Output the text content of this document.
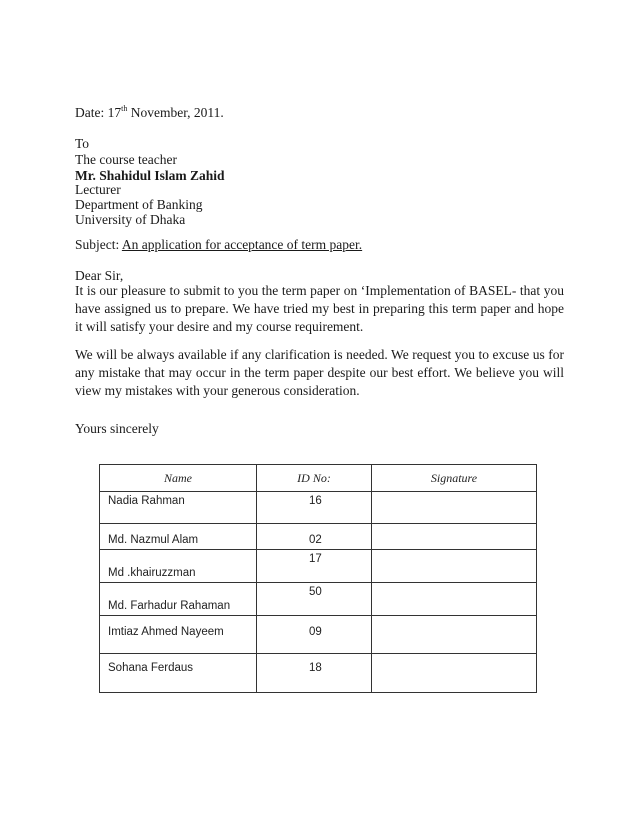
Date: 17th November, 2011.
To
The course teacher
Mr. Shahidul Islam Zahid
Lecturer
Department of Banking
University of Dhaka
Subject: An application for acceptance of term paper.
Dear Sir,
It is our pleasure to submit to you the term paper on ‘Implementation of BASEL- that you have assigned us to prepare. We have tried my best in preparing this term paper and hope it will satisfy your desire and my course requirement.
We will be always available if any clarification is needed. We request you to excuse us for any mistake that may occur in the term paper despite our best effort. We believe you will view my mistakes with your generous consideration.
Yours sincerely
Name	ID No:	Signature
Nadia Rahman	16	
Md. Nazmul Alam	02	

Md .khairuzzman	17	

Md. Farhadur Rahaman	50	
Imtiaz Ahmed Nayeem	09	
Sohana Ferdaus	18	
